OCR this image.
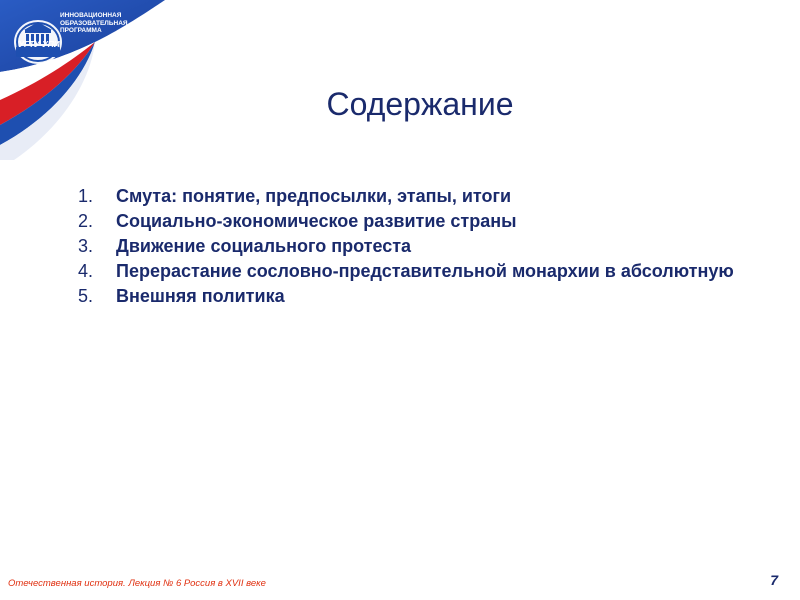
УГТУ-УПИ
ИННОВАЦИОННАЯ
ОБРАЗОВАТЕЛЬНАЯ
ПРОГРАММА
Содержание
1. Смута: понятие, предпосылки, этапы, итоги
2. Социально-экономическое развитие страны
3. Движение социального протеста
4. Перерастание сословно-представительной монархии в абсолютную
5. Внешняя политика
Отечественная история. Лекция № 6 Россия в XVII веке	7
